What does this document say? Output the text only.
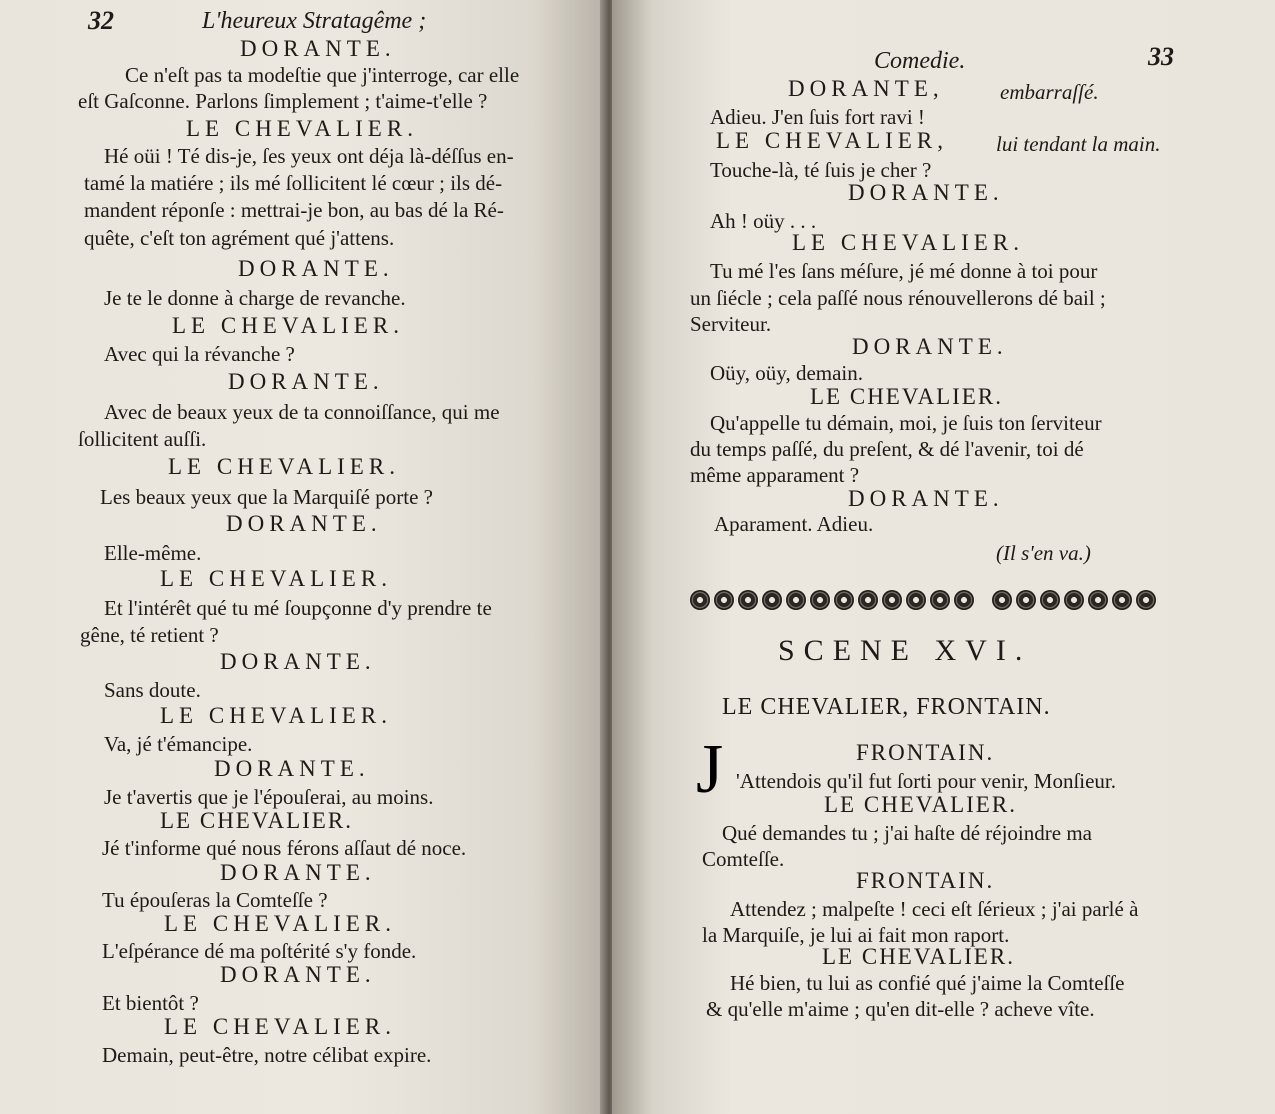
32	L'heureux Stratagême ;
DORANTE.
Ce n'eſt pas ta modeſtie que j'interroge, car elle
eſt Gaſconne. Parlons ſimplement ; t'aime-t'elle ?
LE CHEVALIER.
Hé oüi ! Té dis-je, ſes yeux ont déja là-déſſus en-
tamé la matiére ; ils mé ſollicitent lé cœur ; ils dé-
mandent réponſe : mettrai-je bon, au bas dé la Ré-
quête, c'eſt ton agrément qué j'attens.
DORANTE.
Je te le donne à charge de revanche.
LE CHEVALIER.
Avec qui la révanche ?
DORANTE.
Avec de beaux yeux de ta connoiſſance, qui me
ſollicitent auſſi.
LE CHEVALIER.
Les beaux yeux que la Marquiſé porte ?
DORANTE.
Elle-même.
LE CHEVALIER.
Et l'intérêt qué tu mé ſoupçonne d'y prendre te
gêne, té retient ?
DORANTE.
Sans doute.
LE CHEVALIER.
Va, jé t'émancipe.
DORANTE.
Je t'avertis que je l'épouſerai, au moins.
LE CHEVALIER.
Jé t'informe qué nous férons aſſaut dé noce.
DORANTE.
Tu épouſeras la Comteſſe ?
LE CHEVALIER.
L'eſpérance dé ma poſtérité s'y fonde.
DORANTE.
Et bientôt ?
LE CHEVALIER.
Demain, peut-être, notre célibat expire.
Comedie.	33
DORANTE,	embarraſſé.
Adieu. J'en ſuis fort ravi !
LE CHEVALIER, lui tendant la main.
Touche-là, té ſuis je cher ?
DORANTE.
Ah ! oüy . . .
LE CHEVALIER.
Tu mé l'es ſans méſure, jé mé donne à toi pour
un ſiécle ; cela paſſé nous rénouvellerons dé bail ;
Serviteur.
DORANTE.
Oüy, oüy, demain.
LE CHEVALIER.
Qu'appelle tu démain, moi, je ſuis ton ſerviteur
du temps paſſé, du preſent, & dé l'avenir, toi dé
même apparament ?
DORANTE.
Aparament. Adieu.
(Il s'en va.)
SCENE XVI.
LE CHEVALIER, FRONTAIN.
FRONTAIN.
'Attendois qu'il fut ſorti pour venir, Monſieur.
LE CHEVALIER.
Qué demandes tu ; j'ai haſte dé réjoindre ma
Comteſſe.
FRONTAIN.
Attendez ; malpeſte ! ceci eſt ſérieux ; j'ai parlé à
la Marquiſe, je lui ai fait mon raport.
LE CHEVALIER.
Hé bien, tu lui as confié qué j'aime la Comteſſe
& qu'elle m'aime ; qu'en dit-elle ? acheve vîte.
J
